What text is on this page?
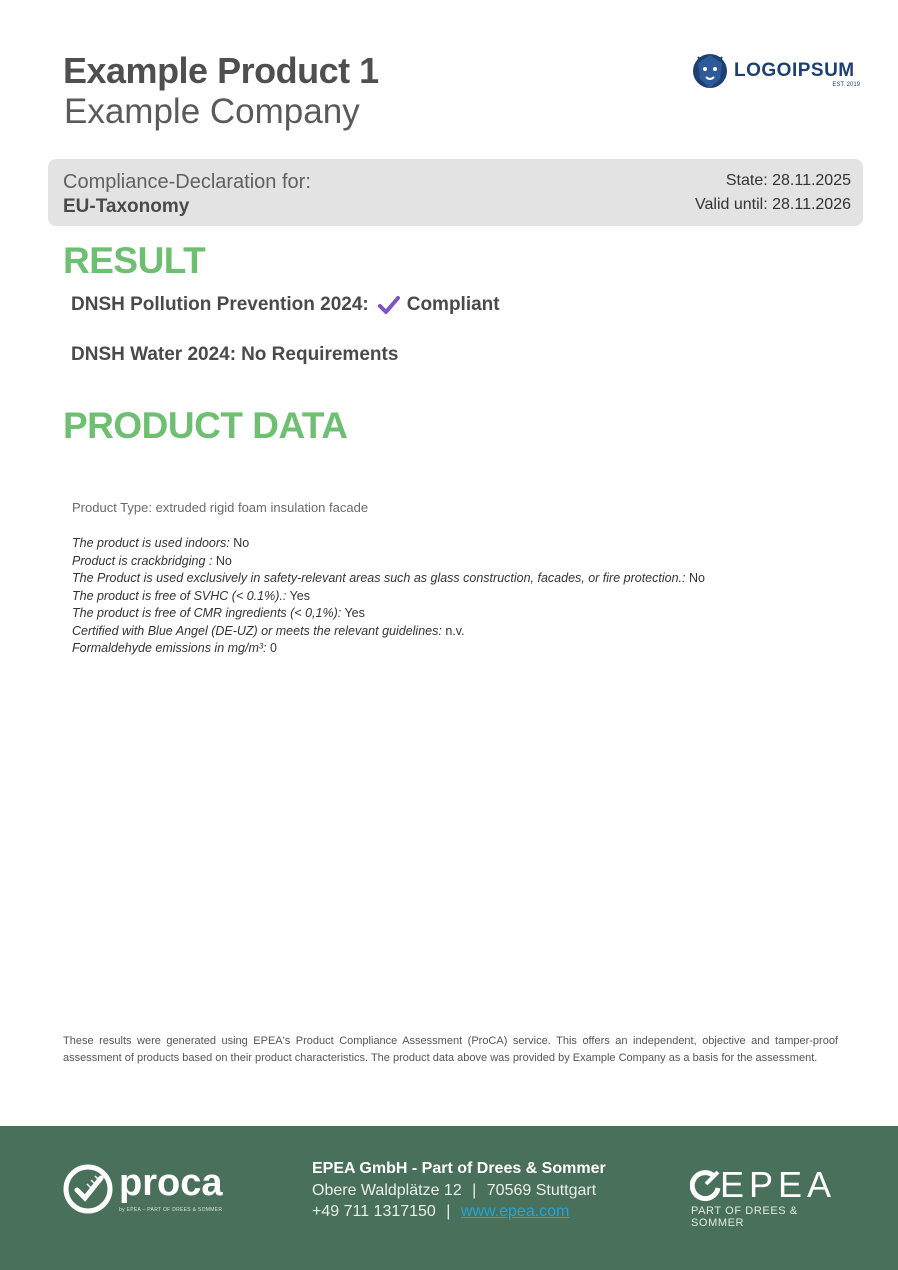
Example Product 1
Example Company
LOGOIPSUM
EST. 2019
Compliance-Declaration for:
EU-Taxonomy
State: 28.11.2025
Valid until: 28.11.2026
RESULT
DNSH Pollution Prevention 2024: Compliant
DNSH Water 2024: No Requirements
PRODUCT DATA
Product Type: extruded rigid foam insulation facade
The product is used indoors: No
Product is crackbridging : No
The Product is used exclusively in safety-relevant areas such as glass construction, facades, or fire protection.: No
The product is free of SVHC (< 0.1%).: Yes
The product is free of CMR ingredients (< 0,1%): Yes
Certified with Blue Angel (DE-UZ) or meets the relevant guidelines: n.v.
Formaldehyde emissions in mg/m³: 0
These results were generated using EPEA's Product Compliance Assessment (ProCA) service. This offers an independent, objective and tamper-proof assessment of products based on their product characteristics. The product data above was provided by Example Company as a basis for the assessment.
proca
by EPEA – PART OF DREES & SOMMER
EPEA GmbH - Part of Drees & Sommer
Obere Waldplätze 12 | 70569 Stuttgart
+49 711 1317150 | www.epea.com
EPEA
PART OF DREES & SOMMER
